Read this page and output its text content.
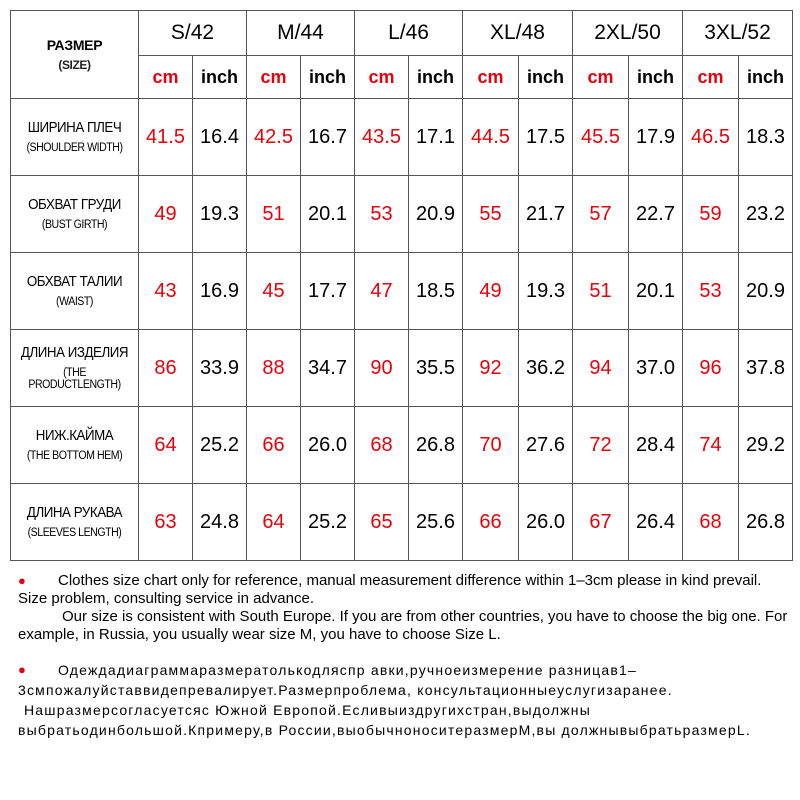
РАЗМЕР
(SIZE)	S/42		M/44		L/46		XL/48		2XL/50		3XL/52	
	cm	inch	cm	inch	cm	inch	cm	inch	cm	inch	cm	inch

ШИРИНА ПЛЕЧ
(SHOULDER WIDTH)	41.5	16.4	42.5	16.7	43.5	17.1	44.5	17.5	45.5	17.9	46.5	18.3

ОБХВАТ ГРУДИ
(BUST GIRTH)	49	19.3	51	20.1	53	20.9	55	21.7	57	22.7	59	23.2

ОБХВАТ ТАЛИИ
(WAIST)	43	16.9	45	17.7	47	18.5	49	19.3	51	20.1	53	20.9

ДЛИНА ИЗДЕЛИЯ
(THE PRODUCTLENGTH)	86	33.9	88	34.7	90	35.5	92	36.2	94	37.0	96	37.8

НИЖ.КАЙМА
(THE BOTTOM HEM)	64	25.2	66	26.0	68	26.8	70	27.6	72	28.4	74	29.2

ДЛИНА РУКАВА
(SLEEVES LENGTH)	63	24.8	64	25.2	65	25.6	66	26.0	67	26.4	68	26.8
● Clothes size chart only for reference, manual measurement difference within 1–3cm please in kind prevail. Size problem, consulting service in advance.
Our size is consistent with South Europe. If you are from other countries, you have to choose the big one. For example, in Russia, you usually wear size M, you have to choose Size L.
● Одеждадиаграммаразмератолькодляспр авки,ручноеизмерение разницав1–3смпожалуйставвидепревалирует.Размерпроблема, консультационныеуслугизаранее.
Нашразмерсогласуетсяс Южной Европой.Есливыиздругихстран,выдолжны выбратьодинбольшой.Кпримеру,в России,выобычноноситеразмерМ,вы должнывыбратьразмерL.
